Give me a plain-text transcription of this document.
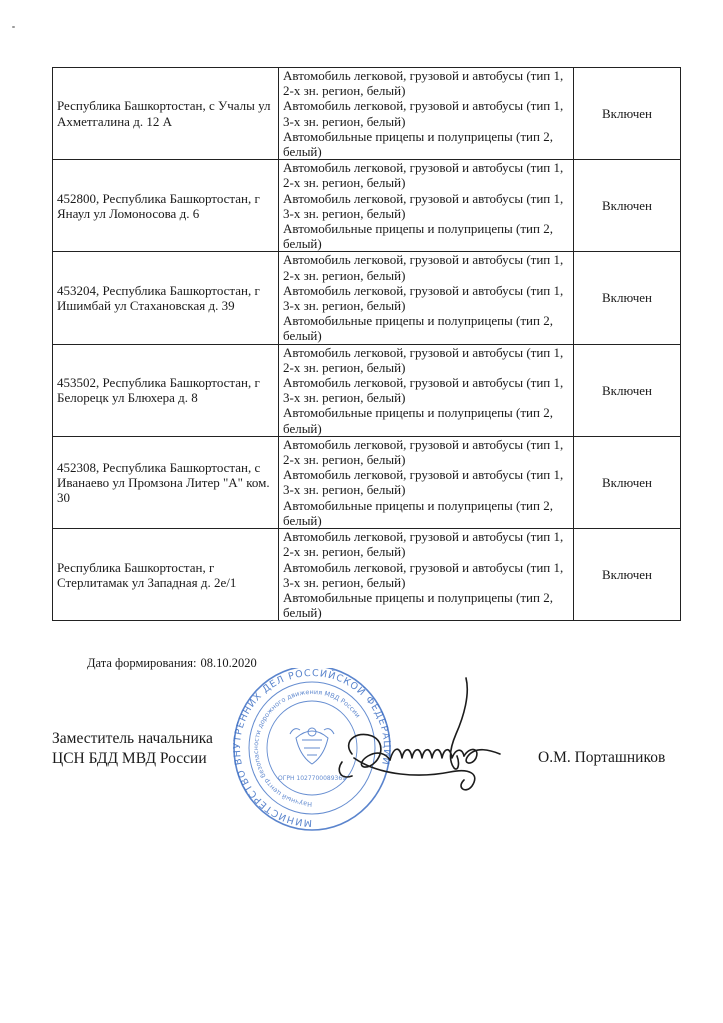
Республика Башкортостан, с Учалы ул Ахметгалина д. 12 А	Автомобиль легковой, грузовой и автобусы (тип 1, 2-х зн. регион, белый)
Автомобиль легковой, грузовой и автобусы (тип 1, 3-х зн. регион, белый)
Автомобильные прицепы и полуприцепы (тип 2, белый)	Включен
452800, Республика Башкортостан, г Янаул ул Ломоносова д. 6	Автомобиль легковой, грузовой и автобусы (тип 1, 2-х зн. регион, белый)
Автомобиль легковой, грузовой и автобусы (тип 1, 3-х зн. регион, белый)
Автомобильные прицепы и полуприцепы (тип 2, белый)	Включен
453204, Республика Башкортостан, г Ишимбай ул Стахановская д. 39	Автомобиль легковой, грузовой и автобусы (тип 1, 2-х зн. регион, белый)
Автомобиль легковой, грузовой и автобусы (тип 1, 3-х зн. регион, белый)
Автомобильные прицепы и полуприцепы (тип 2, белый)	Включен
453502, Республика Башкортостан, г Белорецк ул Блюхера д. 8	Автомобиль легковой, грузовой и автобусы (тип 1, 2-х зн. регион, белый)
Автомобиль легковой, грузовой и автобусы (тип 1, 3-х зн. регион, белый)
Автомобильные прицепы и полуприцепы (тип 2, белый)	Включен
452308, Республика Башкортостан, с Иванаево ул Промзона Литер "А" ком. 30	Автомобиль легковой, грузовой и автобусы (тип 1, 2-х зн. регион, белый)
Автомобиль легковой, грузовой и автобусы (тип 1, 3-х зн. регион, белый)
Автомобильные прицепы и полуприцепы (тип 2, белый)	Включен
Республика Башкортостан, г Стерлитамак ул Западная д. 2е/1	Автомобиль легковой, грузовой и автобусы (тип 1, 2-х зн. регион, белый)
Автомобиль легковой, грузовой и автобусы (тип 1, 3-х зн. регион, белый)
Автомобильные прицепы и полуприцепы (тип 2, белый)	Включен
Дата формирования: 08.10.2020
Заместитель начальника
ЦСН БДД МВД России	О.М. Порташников
МИНИСТЕРСТВО ВНУТРЕННИХ ДЕЛ РОССИЙСКОЙ ФЕДЕРАЦИИ
Научный центр безопасности дорожного движения МВД России
ОГРН 1027700089369
